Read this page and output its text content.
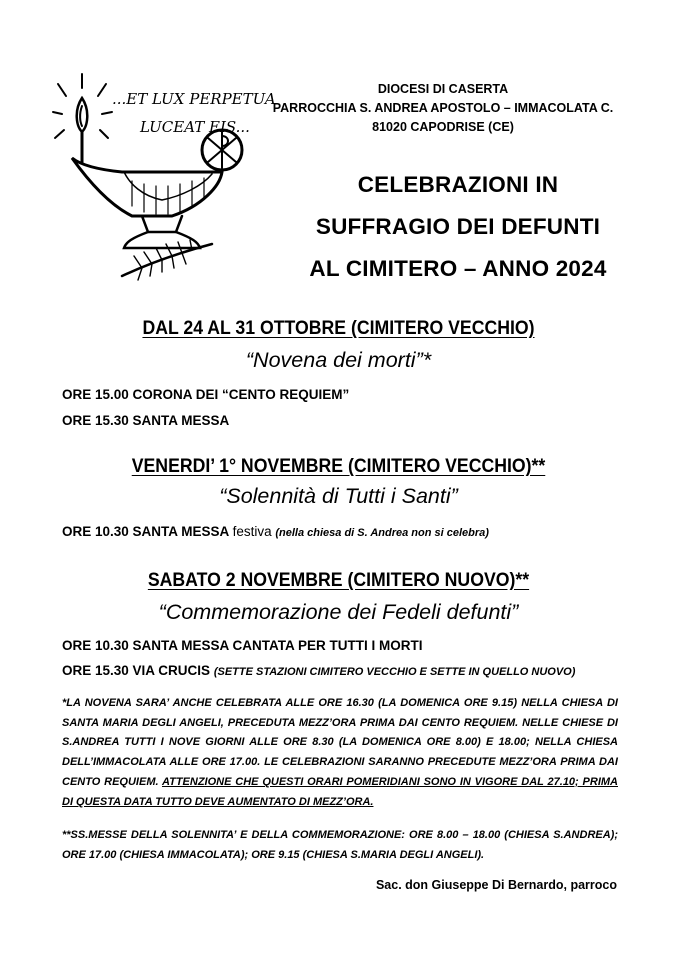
...ET LUX PERPETUA
LUCEAT EIS...
DIOCESI DI CASERTA
PARROCCHIA S. ANDREA APOSTOLO – IMMACOLATA C.
81020 CAPODRISE (CE)
CELEBRAZIONI IN
SUFFRAGIO DEI DEFUNTI
AL CIMITERO – ANNO 2024
DAL 24 AL 31 OTTOBRE (CIMITERO VECCHIO)
“Novena dei morti”*
ORE 15.00 CORONA DEI “CENTO REQUIEM”
ORE 15.30 SANTA MESSA
VENERDI’ 1° NOVEMBRE (CIMITERO VECCHIO)**
“Solennità di Tutti i Santi”
ORE 10.30 SANTA MESSA festiva (nella chiesa di S. Andrea non si celebra)
SABATO 2 NOVEMBRE (CIMITERO NUOVO)**
“Commemorazione dei Fedeli defunti”
ORE 10.30 SANTA MESSA CANTATA PER TUTTI I MORTI
ORE 15.30 VIA CRUCIS (SETTE STAZIONI CIMITERO VECCHIO E SETTE IN QUELLO NUOVO)
*LA NOVENA SARA’ ANCHE CELEBRATA ALLE ORE 16.30 (LA DOMENICA ORE 9.15) NELLA CHIESA DI SANTA MARIA DEGLI ANGELI, PRECEDUTA MEZZ’ORA PRIMA DAI CENTO REQUIEM. NELLE CHIESE DI S.ANDREA TUTTI I NOVE GIORNI ALLE ORE 8.30 (LA DOMENICA ORE 8.00) E 18.00; NELLA CHIESA DELL’IMMACOLATA ALLE ORE 17.00. LE CELEBRAZIONI SARANNO PRECEDUTE MEZZ’ORA PRIMA DAI CENTO REQUIEM. ATTENZIONE CHE QUESTI ORARI POMERIDIANI SONO IN VIGORE DAL 27.10; PRIMA DI QUESTA DATA TUTTO DEVE AUMENTATO DI MEZZ’ORA.
**SS.MESSE DELLA SOLENNITA’ E DELLA COMMEMORAZIONE: ORE 8.00 – 18.00 (CHIESA S.ANDREA); ORE 17.00 (CHIESA IMMACOLATA); ORE 9.15 (CHIESA S.MARIA DEGLI ANGELI).
Sac. don Giuseppe Di Bernardo, parroco
